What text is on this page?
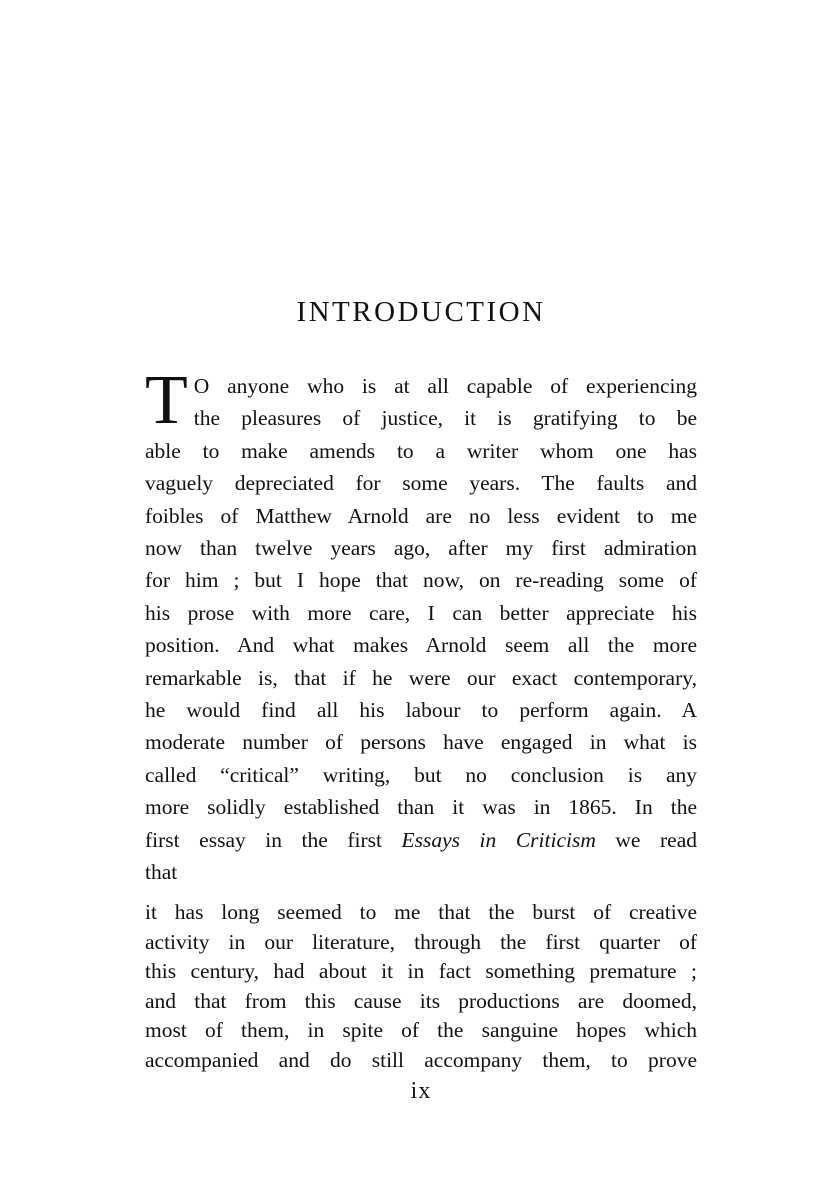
INTRODUCTION
T O anyone who is at all capable of experiencing
the pleasures of justice, it is gratifying to be
able to make amends to a writer whom one has
vaguely depreciated for some years. The faults and
foibles of Matthew Arnold are no less evident to me
now than twelve years ago, after my first admiration
for him ; but I hope that now, on re-reading some of
his prose with more care, I can better appreciate his
position. And what makes Arnold seem all the more
remarkable is, that if he were our exact contemporary,
he would find all his labour to perform again. A
moderate number of persons have engaged in what is
called “critical” writing, but no conclusion is any
more solidly established than it was in 1865. In the
first essay in the first Essays in Criticism we read
that
it has long seemed to me that the burst of creative
activity in our literature, through the first quarter of
this century, had about it in fact something premature ;
and that from this cause its productions are doomed,
most of them, in spite of the sanguine hopes which
accompanied and do still accompany them, to prove
ix
